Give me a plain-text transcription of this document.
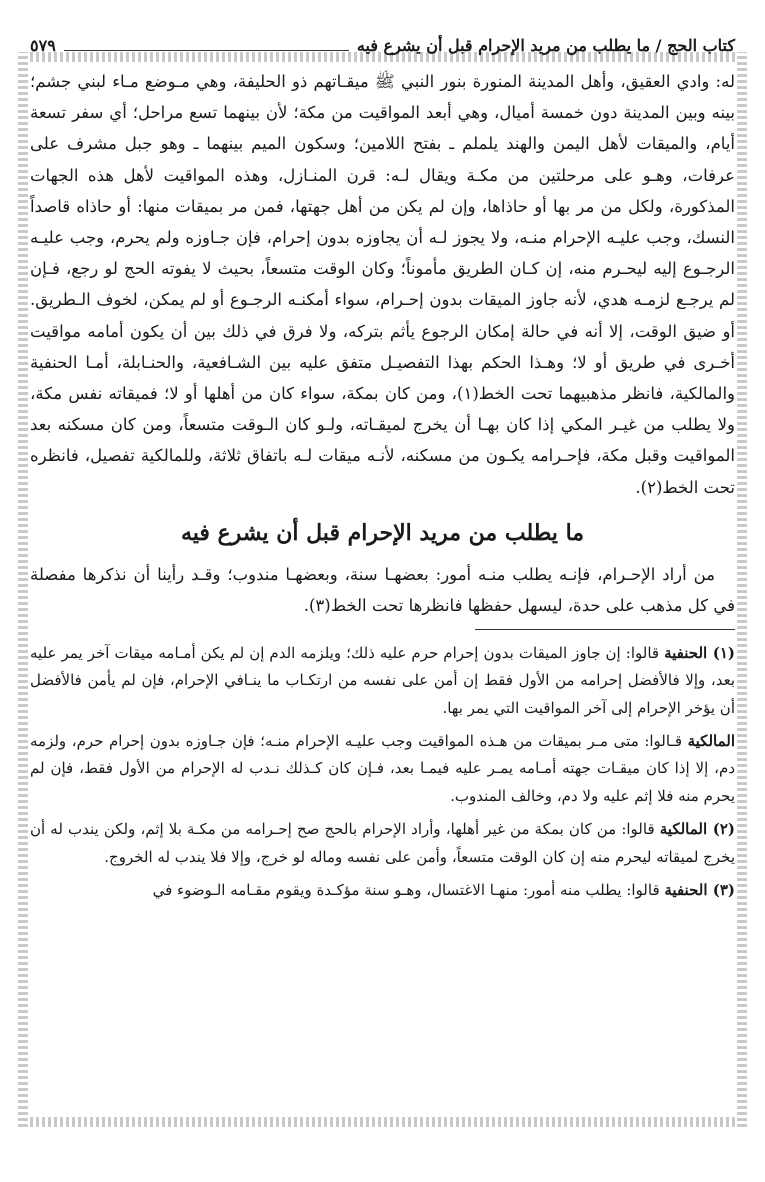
كتاب الحج / ما يطلب من مريد الإحرام قبل أن يشرع فيه
٥٧٩

له: وادي العقيق، وأهل المدينة المنورة بنور النبي ﷺ ميقـاتهم ذو الحليفة، وهي مـوضع مـاء لبني جشم؛ بينه وبين المدينة دون خمسة أميال، وهي أبعد المواقيت من مكة؛ لأن بينهما تسع مراحل؛ أي سفر تسعة أيام، والميقات لأهل اليمن والهند يلملم ـ بفتح اللامين؛ وسكون الميم بينهما ـ وهو جبل مشرف على عرفات، وهـو على مرحلتين من مكـة ويقال لـه: قرن المنـازل، وهذه المواقيت لأهل هذه الجهات المذكورة، ولكل من مر بها أو حاذاها، وإن لم يكن من أهل جهتها، فمن مر بميقات منها: أو حاذاه قاصداً النسك، وجب عليـه الإحرام منـه، ولا يجوز لـه أن يجاوزه بدون إحرام، فإن جـاوزه ولم يحرم، وجب عليـه الرجـوع إليه ليحـرم منه، إن كـان الطريق مأموناً؛ وكان الوقت متسعاً، بحيث لا يفوته الحج لو رجع، فـإن لم يرجـع لزمـه هدي، لأنه جاوز الميقات بدون إحـرام، سواء أمكنـه الرجـوع أو لم يمكن، لخوف الـطريق. أو ضيق الوقت، إلا أنه في حالة إمكان الرجوع يأثم بتركه، ولا فرق في ذلك بين أن يكون أمامه مواقيت أخـرى في طريق أو لا؛ وهـذا الحكم بهذا التفصيـل متفق عليه بين الشـافعية، والحنـابلة، أمـا الحنفية والمالكية، فانظر مذهبيهما تحت الخط(١)، ومن كان بمكة، سواء كان من أهلها أو لا؛ فميقاته نفس مكة، ولا يطلب من غيـر المكي إذا كان بهـا أن يخرج لميقـاته، ولـو كان الـوقت متسعاً، ومن كان مسكنه بعد المواقيت وقبل مكة، فإحـرامه يكـون من مسكنه، لأنـه ميقات لـه باتفاق ثلاثة، وللمالكية تفصيل، فانظره تحت الخط(٢).

ما يطلب من مريد الإحرام قبل أن يشرع فيه

من أراد الإحـرام، فإنـه يطلب منـه أمور: بعضهـا سنة، وبعضهـا مندوب؛ وقـد رأينا أن نذكرها مفصلة في كل مذهب على حدة، ليسهل حفظها فانظرها تحت الخط(٣).

(١) الحنفية قالوا: إن جاوز الميقات بدون إحرام حرم عليه ذلك؛ ويلزمه الدم إن لم يكن أمـامه ميقات آخر يمر عليه بعد، وإلا فالأفضل إحرامه من الأول فقط إن أمن على نفسه من ارتكـاب ما ينـافي الإحرام، فإن لم يأمن فالأفضل أن يؤخر الإحرام إلى آخر المواقيت التي يمر بها.

المالكية قـالوا: متى مـر بميقات من هـذه المواقيت وجب عليـه الإحرام منـه؛ فإن جـاوزه بدون إحرام حرم، ولزمه دم، إلا إذا كان ميقـات جهته أمـامه يمـر عليه فيمـا بعد، فـإن كان كـذلك نـدب له الإحرام من الأول فقط، فإن لم يحرم منه فلا إثم عليه ولا دم، وخالف المندوب.

(٢) المالكية قالوا: من كان بمكة من غير أهلها، وأراد الإحرام بالحج صح إحـرامه من مكـة بلا إثم، ولكن يندب له أن يخرج لميقاته ليحرم منه إن كان الوقت متسعاً، وأمن على نفسه وماله لو خرج، وإلا فلا يندب له الخروج.

(٣) الحنفية قالوا: يطلب منه أمور: منهـا الاغتسال، وهـو سنة مؤكـدة ويقوم مقـامه الـوضوء في
